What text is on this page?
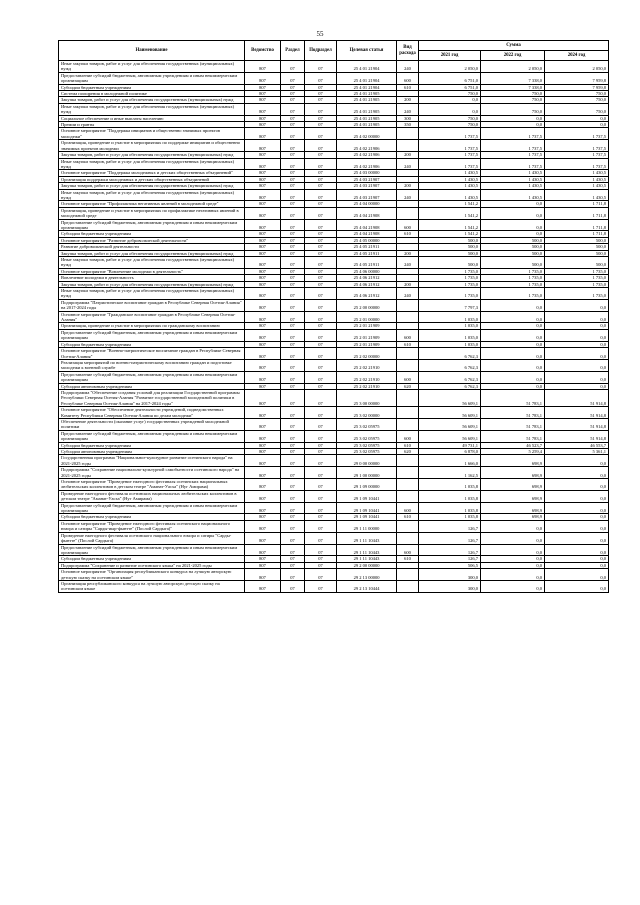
55
Наименование	Ведомство	Раздел	Подраздел	Целевая статья	Вид расхода	Сумма		
						2021 год	2022 год	2024 год
Иные закупки товаров, работ и услуг для обеспечения государственных (муниципальных) нужд	807	07	07	25 4 01 21904	240	2 050,0	2 050,0	2 050,0
Предоставление субсидий бюджетным, автономным учреждениям и иным некоммерческим организациям	807	07	07	25 4 01 21904	600	6 751,0	7 338,0	7 959,8
Субсидии бюджетным учреждениям	807	07	07	25 4 01 21904	610	6 751,0	7 338,0	7 959,8
Система поощрения в молодежной политике	807	07	07	25 4 01 21905		750,0	750,0	750,0
Закупка товаров, работ и услуг для обеспечения государственных (муниципальных) нужд	807	07	07	25 4 01 21905	200	0,0	750,0	750,0
Иные закупки товаров, работ и услуг для обеспечения государственных (муниципальных) нужд	807	07	07	25 4 01 21905	240	0,0	750,0	750,0
Социальное обеспечение и иные выплаты населению	807	07	07	25 4 01 21905	300	750,0	0,0	0,0
Премии и гранты	807	07	07	25 4 01 21905	350	750,0	0,0	0,0
Основное мероприятие "Поддержка инициатив и общественно значимых проектов молодежи"	807	07	07	25 4 02 00000		1 737,5	1 737,5	1 737,5
Организация, проведение и участие в мероприятиях по поддержке инициатив и общественно значимых проектов молодежи	807	07	07	25 4 02 21906		1 737,5	1 737,5	1 737,5
Закупка товаров, работ и услуг для обеспечения государственных (муниципальных) нужд	807	07	07	25 4 02 21906	200	1 737,5	1 737,5	1 737,5
Иные закупки товаров, работ и услуг для обеспечения государственных (муниципальных) нужд	807	07	07	25 4 02 21906	240	1 737,5	1 737,5	1 737,5
Основное мероприятие "Поддержка молодежных и детских общественных объединений"	807	07	07	25 4 03 00000		1 430,5	1 430,5	1 430,5
Организация поддержки молодежных и детских общественных объединений	807	07	07	25 4 03 21907		1 430,5	1 430,5	1 430,5
Закупка товаров, работ и услуг для обеспечения государственных (муниципальных) нужд	807	07	07	25 4 03 21907	200	1 430,5	1 430,5	1 430,5
Иные закупки товаров, работ и услуг для обеспечения государственных (муниципальных) нужд	807	07	07	25 4 03 21907	240	1 430,5	1 430,5	1 430,5
Основное мероприятие "Профилактика негативных явлений в молодежной среде"	807	07	07	25 4 04 00000		1 541,2	0,0	1 711,8
Организация, проведение и участие в мероприятиях по профилактике негативных явлений в молодежной среде	807	07	07	25 4 04 21908		1 541,2	0,0	1 711,8
Предоставление субсидий бюджетным, автономным учреждениям и иным некоммерческим организациям	807	07	07	25 4 04 21908	600	1 541,2	0,0	1 711,8
Субсидии бюджетным учреждениям	807	07	07	25 4 04 21908	610	1 541,2	0,0	1 711,8
Основное мероприятие "Развитие добровольческой деятельности"	807	07	07	25 4 05 00000		500,0	500,0	500,0
Развитие добровольческой деятельности	807	07	07	25 4 05 21911		500,0	500,0	500,0
Закупка товаров, работ и услуг для обеспечения государственных (муниципальных) нужд	807	07	07	25 4 05 21911	200	500,0	500,0	500,0
Иные закупки товаров, работ и услуг для обеспечения государственных (муниципальных) нужд	807	07	07	25 4 05 21911	240	500,0	500,0	500,0
Основное мероприятие "Вовлечение молодежи в деятельность"	807	07	07	25 4 06 00000		1 735,0	1 735,0	1 735,0
Вовлечение молодежи в деятельность	807	07	07	25 4 06 21912		1 735,0	1 735,0	1 735,0
Закупка товаров, работ и услуг для обеспечения государственных (муниципальных) нужд	807	07	07	25 4 06 21912	200	1 735,0	1 735,0	1 735,0
Иные закупки товаров, работ и услуг для обеспечения государственных (муниципальных) нужд	807	07	07	25 4 06 21912	240	1 735,0	1 735,0	1 735,0
Подпрограмма "Патриотическое воспитание граждан в Республике Северная Осетия-Алания" на 2017-2024 годы	807	07	07	25 2 00 00000		7 797,3	0,0	0,0
Основное мероприятие "Гражданское воспитание граждан в Республике Северная Осетия-Алания"	807	07	07	25 2 01 00000		1 035,0	0,0	0,0
Организация, проведение и участие в мероприятиях по гражданскому воспитанию	807	07	07	25 2 01 21909		1 035,0	0,0	0,0
Предоставление субсидий бюджетным, автономным учреждениям и иным некоммерческим организациям	807	07	07	25 2 01 21909	600	1 035,0	0,0	0,0
Субсидии бюджетным учреждениям	807	07	07	25 2 01 21909	610	1 035,0	0,0	0,0
Основное мероприятие "Военно-патриотическое воспитание граждан в Республике Северная Осетия-Алания"	807	07	07	25 2 02 00000		6 762,3	0,0	0,0
Реализация мероприятий по военно-патриотическому воспитанию граждан и подготовке молодежи к военной службе	807	07	07	25 2 02 21910		6 762,3	0,0	0,0
Предоставление субсидий бюджетным, автономным учреждениям и иным некоммерческим организациям	807	07	07	25 2 02 21910	600	6 762,3	0,0	0,0
Субсидии автономным учреждениям	807	07	07	25 2 02 21910	620	6 762,3	0,0	0,0
Подпрограмма "Обеспечение создания условий для реализации Государственной программы Республики Северная Осетия-Алания "Развитие государственной молодежной политики в Республике Северная Осетия-Алания" на 2017-2024 годы"	807	07	07	25 3 00 00000		56 609,1	51 783,1	51 914,8
Основное мероприятие "Обеспечение деятельности учреждений, подведомственных Комитету Республики Северная Осетия-Алания по делам молодежи"	807	07	07	25 3 02 00000		56 609,1	51 783,1	51 914,8
Обеспечение деятельности (оказание услуг) государственных учреждений молодежной политики	807	07	07	25 3 02 05975		56 609,1	51 783,1	51 914,8
Предоставление субсидий бюджетным, автономным учреждениям и иным некоммерческим организациям	807	07	07	25 3 02 05975	600	56 609,1	51 783,1	51 914,8
Субсидии бюджетным учреждениям	807	07	07	25 3 02 05975	610	49 731,1	46 523,7	46 553,7
Субсидии автономным учреждениям	807	07	07	25 3 02 05975	620	6 878,0	5 259,4	5 361,1
Государственная программа "Национальное-культурное развитие осетинского народа" на 2021-2025 годы	807	07	07	29 0 00 00000		1 666,0	698,9	0,0
Подпрограмма "Сохранение национально-культурной самобытности осетинского народа" на 2021-2025 годы	807	07	07	29 1 00 00000		1 162,5	698,9	0,0
Основное мероприятие "Проведение ежегодного фестиваля осетинских национальных любительских коллективов в детском театре "Аманат-Уасха" (Нуг Амирама)	807	07	07	29 1 09 00000		1 035,8	698,9	0,0
Проведение ежегодного фестиваля осетинских национальных любительских коллективов в детском театре "Аманат-Уасха" (Нуг Амирама)	807	07	07	29 1 09 10441		1 035,8	698,9	0,0
Предоставление субсидий бюджетным, автономным учреждениям и иным некоммерческим организациям	807	07	07	29 1 09 10441	600	1 035,8	698,9	0,0
Субсидии бюджетным учреждениям	807	07	07	29 1 09 10441	610	1 035,8	698,9	0,0
Основное мероприятие "Проведение ежегодного фестиваля осетинского национального юмора и сатиры "Сарды-иыр-фынтте" (Послой Сардыга)"	807	07	07	29 1 11 00000		126,7	0,0	0,0
Проведение ежегодного фестиваля осетинского национального юмора и сатиры "Сарды-фынтте" (Послой Сардыга)	807	07	07	29 1 11 10443		126,7	0,0	0,0
Предоставление субсидий бюджетным, автономным учреждениям и иным некоммерческим организациям	807	07	07	29 1 11 10443	600	126,7	0,0	0,0
Субсидии бюджетным учреждениям	807	07	07	29 1 11 10443	610	126,7	0,0	0,0
Подпрограмма "Сохранение и развитие осетинского языка" на 2021-2025 годы	807	07	07	29 2 00 00000		506,5	0,0	0,0
Основное мероприятие "Организация республиканского конкурса на лучшую авторскую детскую сказку на осетинском языке"	807	07	07	29 2 13 00000		300,0	0,0	0,0
Организация республиканского конкурса на лучшую авторскую детскую сказку на осетинском языке	807	07	07	29 2 13 10444		300,0	0,0	0,0
